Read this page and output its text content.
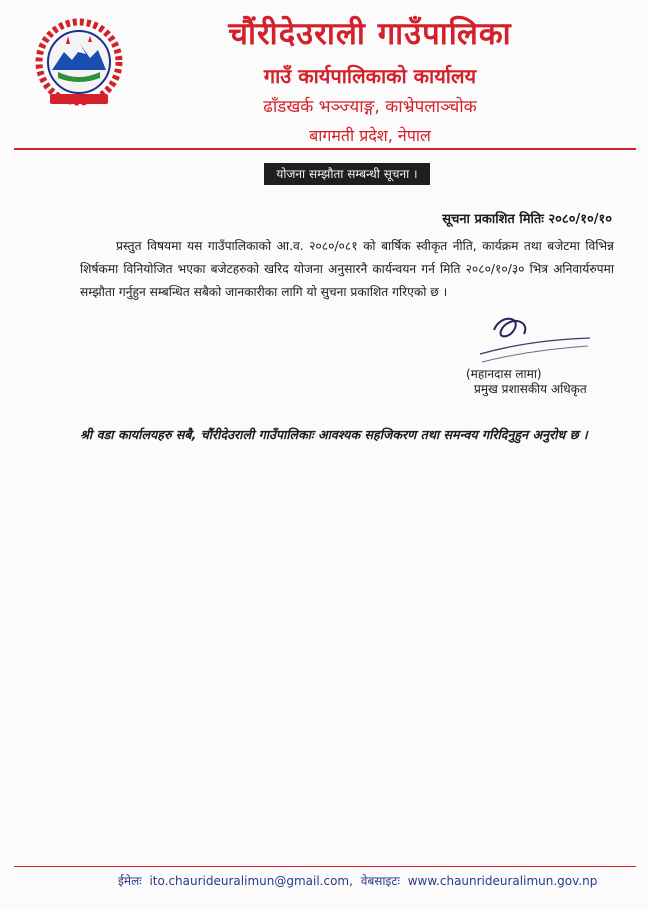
चौंरीदेउराली गाउँपालिका
गाउँ कार्यपालिकाको कार्यालय
ढाँडखर्क भञ्ज्याङ्ग, काभ्रेपलाञ्चोक
बागमती प्रदेश, नेपाल
योजना सम्झौता सम्बन्धी सूचना ।
सूचना प्रकाशित मितिः २०८०/१०/१०
प्रस्तुत विषयमा यस गाउँपालिकाको आ.व. २०८०/०८१ को बार्षिक स्वीकृत नीति, कार्यक्रम तथा बजेटमा विभिन्न शिर्षकमा विनियोजित भएका बजेटहरुको खरिद योजना अनुसारनै कार्यन्वयन गर्न मिति २०८०/१०/३० भित्र अनिवार्यरुपमा सम्झौता गर्नुहुन सम्बन्धित सबैको जानकारीका लागि यो सुचना प्रकाशित गरिएको छ ।
(महानदास लामा)
प्रमुख प्रशासकीय अधिकृत
श्री वडा कार्यालयहरु सबै, चौंरीदेउराली गाउँपालिकाः आवश्यक सहजिकरण तथा समन्वय गरिदिनुहुन अनुरोध छ ।
ईमेलः ito.chaurideuralimun@gmail.com, वेबसाइटः www.chaunrideuralimun.gov.np
